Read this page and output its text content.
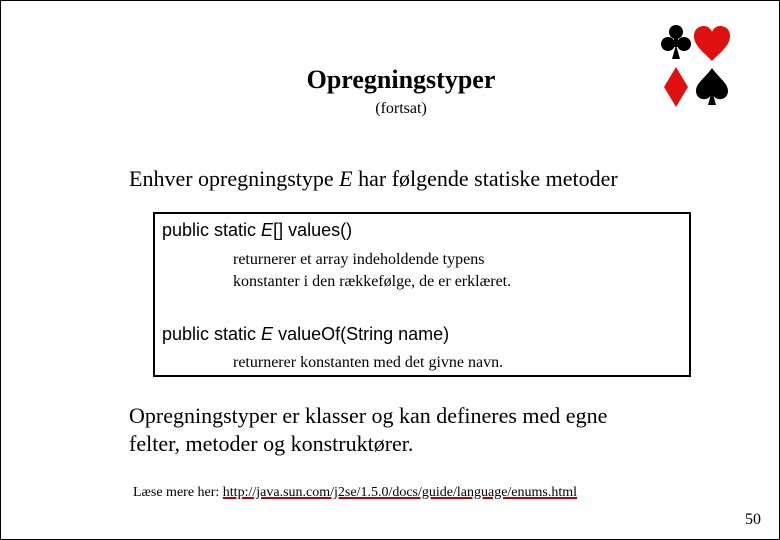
Opregningstyper
(fortsat)
Enhver opregningstype E har følgende statiske metoder
public static E[] values()
returnerer et array indeholdende typens
konstanter i den rækkefølge, de er erklæret.
public static E valueOf(String name)
returnerer konstanten med det givne navn.
Opregningstyper er klasser og kan defineres med egne
felter, metoder og konstruktører.
Læse mere her: http://java.sun.com/j2se/1.5.0/docs/guide/language/enums.html
50
